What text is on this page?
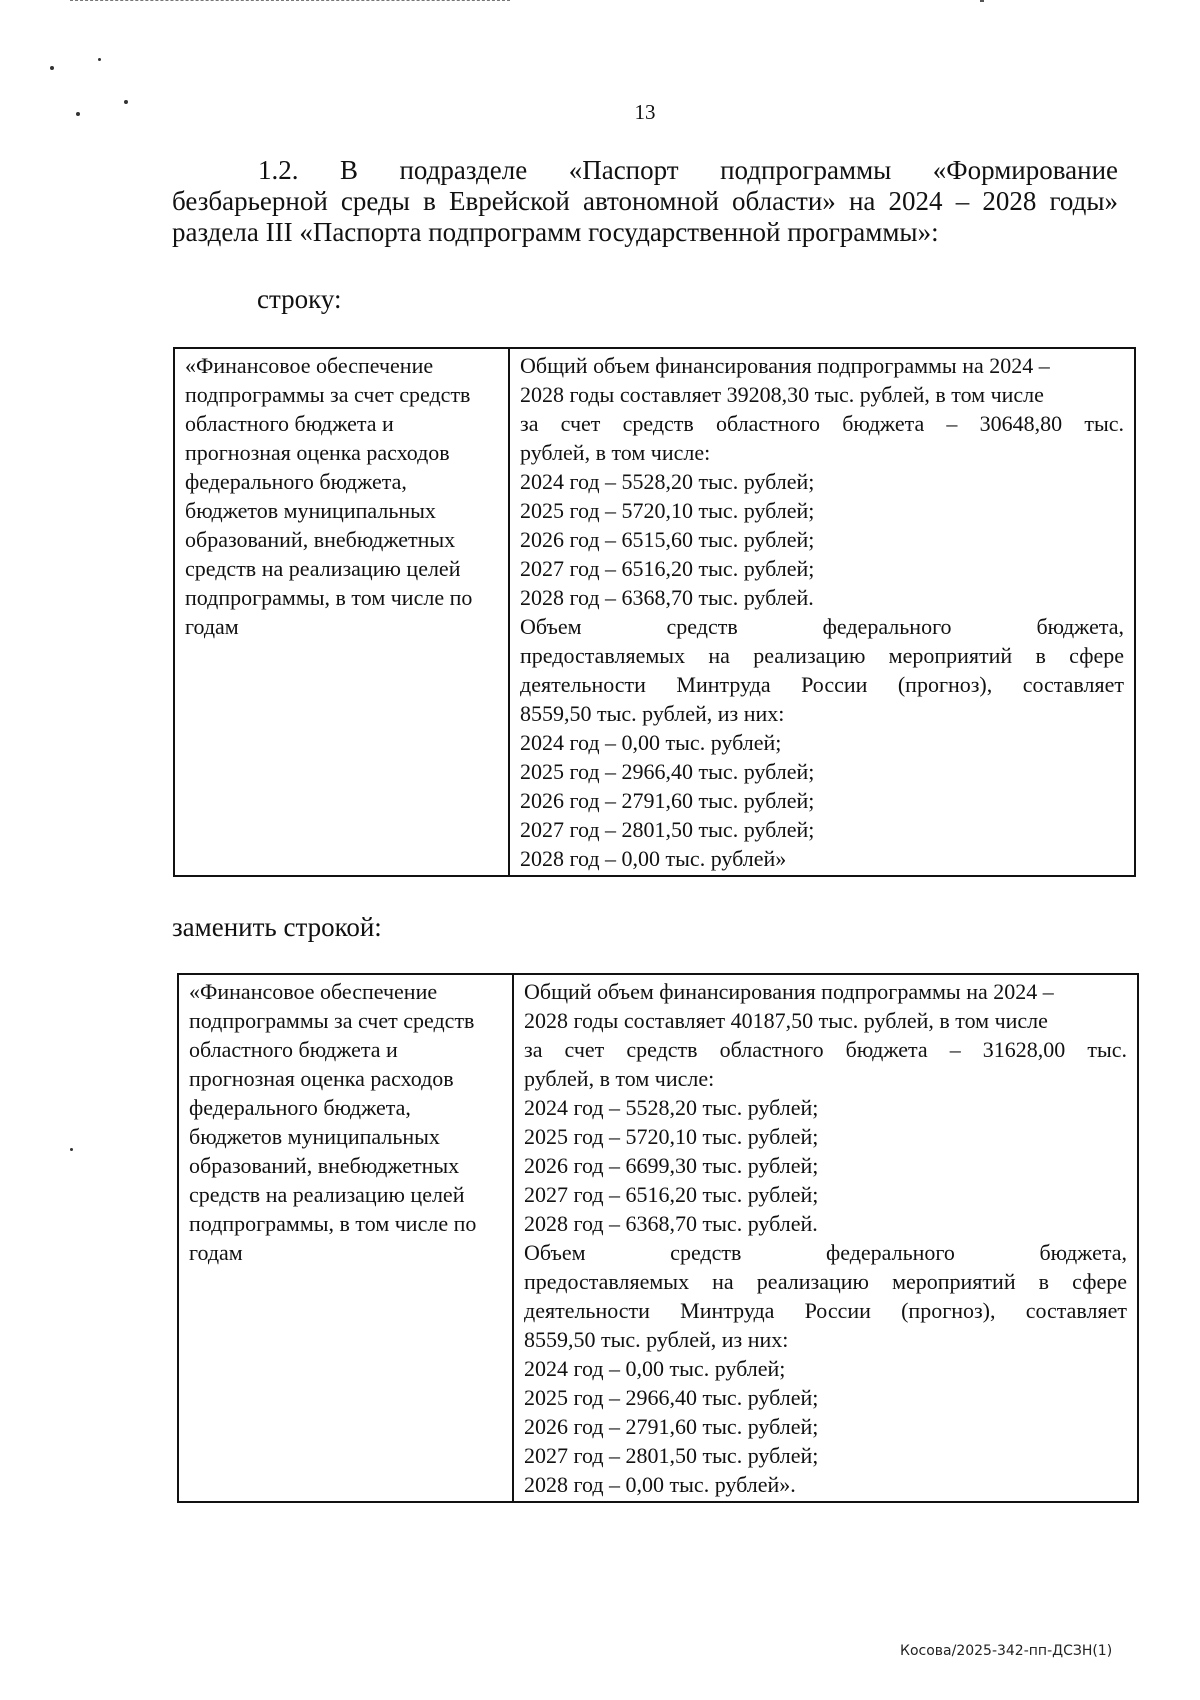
13
1.2. В подразделе «Паспорт подпрограммы «Формирование
безбарьерной среды в Еврейской автономной области» на 2024 – 2028 годы»
раздела III «Паспорта подпрограмм государственной программы»:
строку:
«Финансовое обеспечение
подпрограммы за счет средств
областного бюджета и
прогнозная оценка расходов
федерального бюджета,
бюджетов муниципальных
образований, внебюджетных
средств на реализацию целей
подпрограммы, в том числе по
годам

Общий объем финансирования подпрограммы на 2024 –
2028 годы составляет 39208,30 тыс. рублей, в том числе
за счет средств областного бюджета – 30648,80 тыс.
рублей, в том числе:
2024 год – 5528,20 тыс. рублей;
2025 год – 5720,10 тыс. рублей;
2026 год – 6515,60 тыс. рублей;
2027 год – 6516,20 тыс. рублей;
2028 год – 6368,70 тыс. рублей.
Объем средств федерального бюджета,
предоставляемых на реализацию мероприятий в сфере
деятельности Минтруда России (прогноз), составляет
8559,50 тыс. рублей, из них:
2024 год – 0,00 тыс. рублей;
2025 год – 2966,40 тыс. рублей;
2026 год – 2791,60 тыс. рублей;
2027 год – 2801,50 тыс. рублей;
2028 год – 0,00 тыс. рублей»
заменить строкой:
«Финансовое обеспечение
подпрограммы за счет средств
областного бюджета и
прогнозная оценка расходов
федерального бюджета,
бюджетов муниципальных
образований, внебюджетных
средств на реализацию целей
подпрограммы, в том числе по
годам

Общий объем финансирования подпрограммы на 2024 –
2028 годы составляет 40187,50 тыс. рублей, в том числе
за счет средств областного бюджета – 31628,00 тыс.
рублей, в том числе:
2024 год – 5528,20 тыс. рублей;
2025 год – 5720,10 тыс. рублей;
2026 год – 6699,30 тыс. рублей;
2027 год – 6516,20 тыс. рублей;
2028 год – 6368,70 тыс. рублей.
Объем средств федерального бюджета,
предоставляемых на реализацию мероприятий в сфере
деятельности Минтруда России (прогноз), составляет
8559,50 тыс. рублей, из них:
2024 год – 0,00 тыс. рублей;
2025 год – 2966,40 тыс. рублей;
2026 год – 2791,60 тыс. рублей;
2027 год – 2801,50 тыс. рублей;
2028 год – 0,00 тыс. рублей».
Косова/2025-342-пп-ДСЗН(1)
